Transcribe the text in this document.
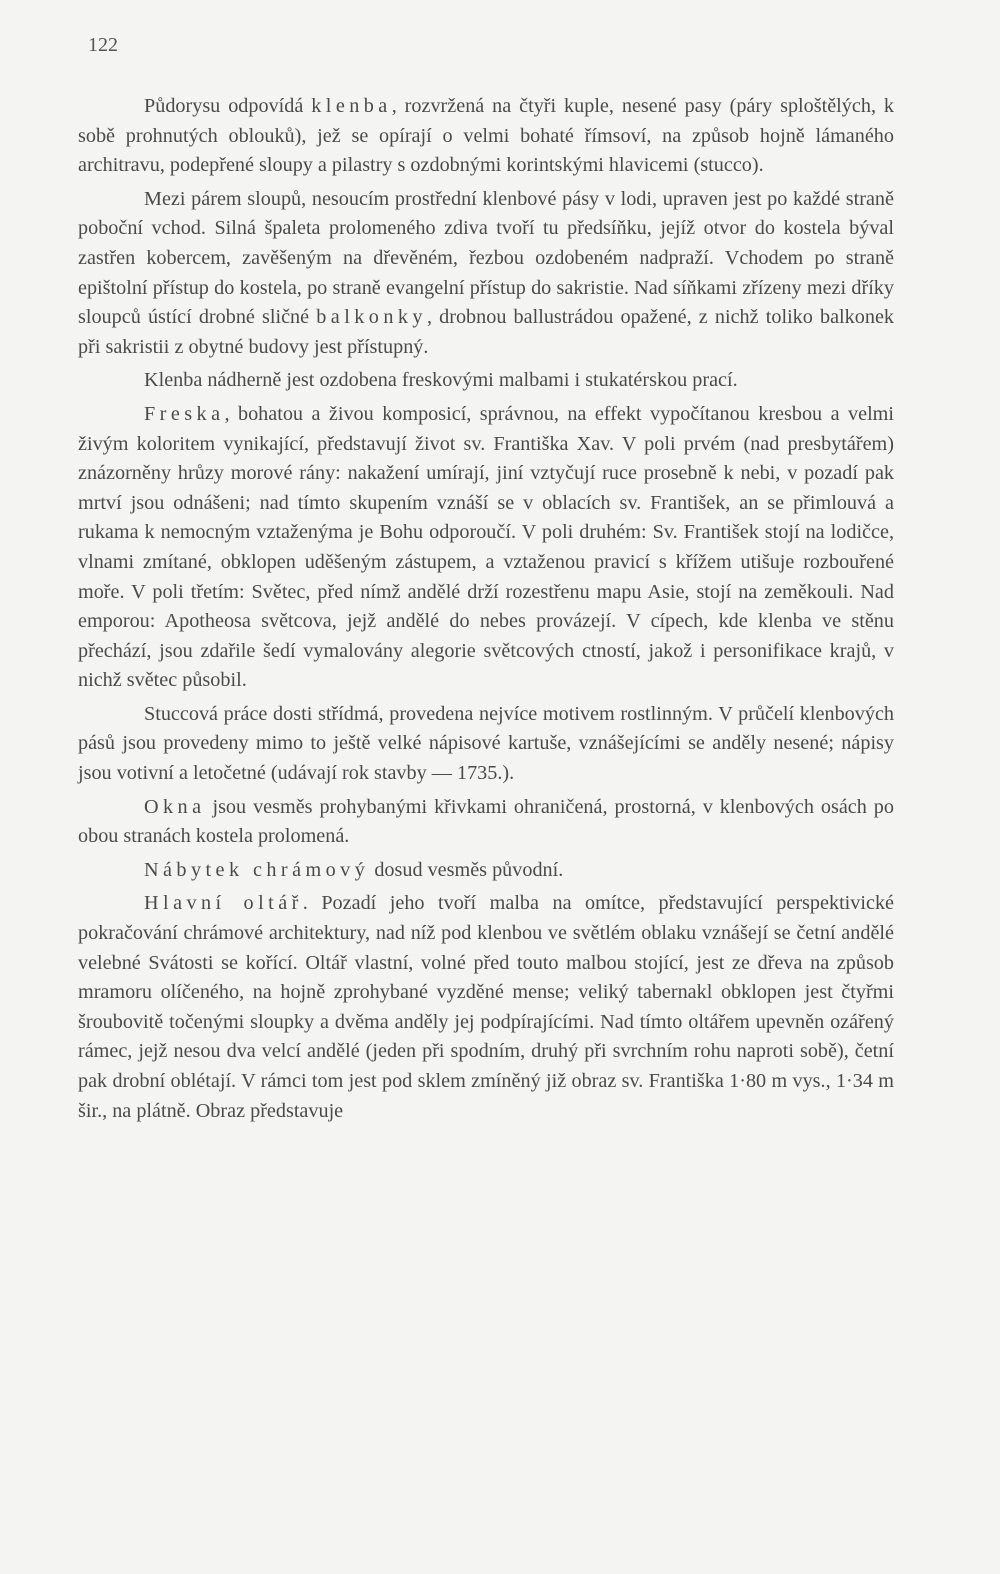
122

Půdorysu odpovídá klenba, rozvržená na čtyři kuple, nesené pasy (páry sploštělých, k sobě prohnutých oblouků), jež se opírají o velmi bohaté římsoví, na způsob hojně lámaného architravu, podepřené sloupy a pilastry s ozdobnými korintskými hlavicemi (stucco).

Mezi párem sloupů, nesoucím prostřední klenbové pásy v lodi, upraven jest po každé straně poboční vchod. Silná špaleta prolomeného zdiva tvoří tu předsíňku, jejíž otvor do kostela býval zastřen kobercem, zavěšeným na dřevěném, řezbou ozdobeném nadpraží. Vchodem po straně epištolní přístup do kostela, po straně evangelní přístup do sakristie. Nad síňkami zřízeny mezi dříky sloupců ústící drobné sličné balkonky, drobnou ballustrádou opažené, z nichž toliko balkonek při sakristii z obytné budovy jest přístupný.

Klenba nádherně jest ozdobena freskovými malbami i stukatérskou prací.

Freska, bohatou a živou komposicí, správnou, na effekt vypočítanou kresbou a velmi živým koloritem vynikající, představují život sv. Františka Xav. V poli prvém (nad presbytářem) znázorněny hrůzy morové rány: nakažení umírají, jiní vztyčují ruce prosebně k nebi, v pozadí pak mrtví jsou odnášeni; nad tímto skupením vznáší se v oblacích sv. František, an se přimlouvá a rukama k nemocným vztaženýma je Bohu odporoučí. V poli druhém: Sv. František stojí na lodičce, vlnami zmítané, obklopen uděšeným zástupem, a vztaženou pravicí s křížem utišuje rozbouřené moře. V poli třetím: Světec, před nímž andělé drží rozestřenu mapu Asie, stojí na zeměkouli. Nad emporou: Apotheosa světcova, jejž andělé do nebes provázejí. V cípech, kde klenba ve stěnu přechází, jsou zdařile šedí vymalovány alegorie světcových ctností, jakož i personifikace krajů, v nichž světec působil.

Stuccová práce dosti střídmá, provedena nejvíce motivem rostlinným. V průčelí klenbových pásů jsou provedeny mimo to ještě velké nápisové kartuše, vznášejícími se anděly nesené; nápisy jsou votivní a letočetné (udávají rok stavby — 1735.).

Okna jsou vesměs prohybanými křivkami ohraničená, prostorná, v klenbových osách po obou stranách kostela prolomená.

Nábytek chrámový dosud vesměs původní.

Hlavní oltář. Pozadí jeho tvoří malba na omítce, představující perspektivické pokračování chrámové architektury, nad níž pod klenbou ve světlém oblaku vznášejí se četní andělé velebné Svátosti se kořící. Oltář vlastní, volné před touto malbou stojící, jest ze dřeva na způsob mramoru olíčeného, na hojně zprohybané vyzděné mense; veliký tabernakl obklopen jest čtyřmi šroubovitě točenými sloupky a dvěma anděly jej podpírajícími. Nad tímto oltářem upevněn ozářený rámec, jejž nesou dva velcí andělé (jeden při spodním, druhý při svrchním rohu naproti sobě), četní pak drobní oblétají. V rámci tom jest pod sklem zmíněný již obraz sv. Františka 1·80 m vys., 1·34 m šir., na plátně. Obraz představuje
